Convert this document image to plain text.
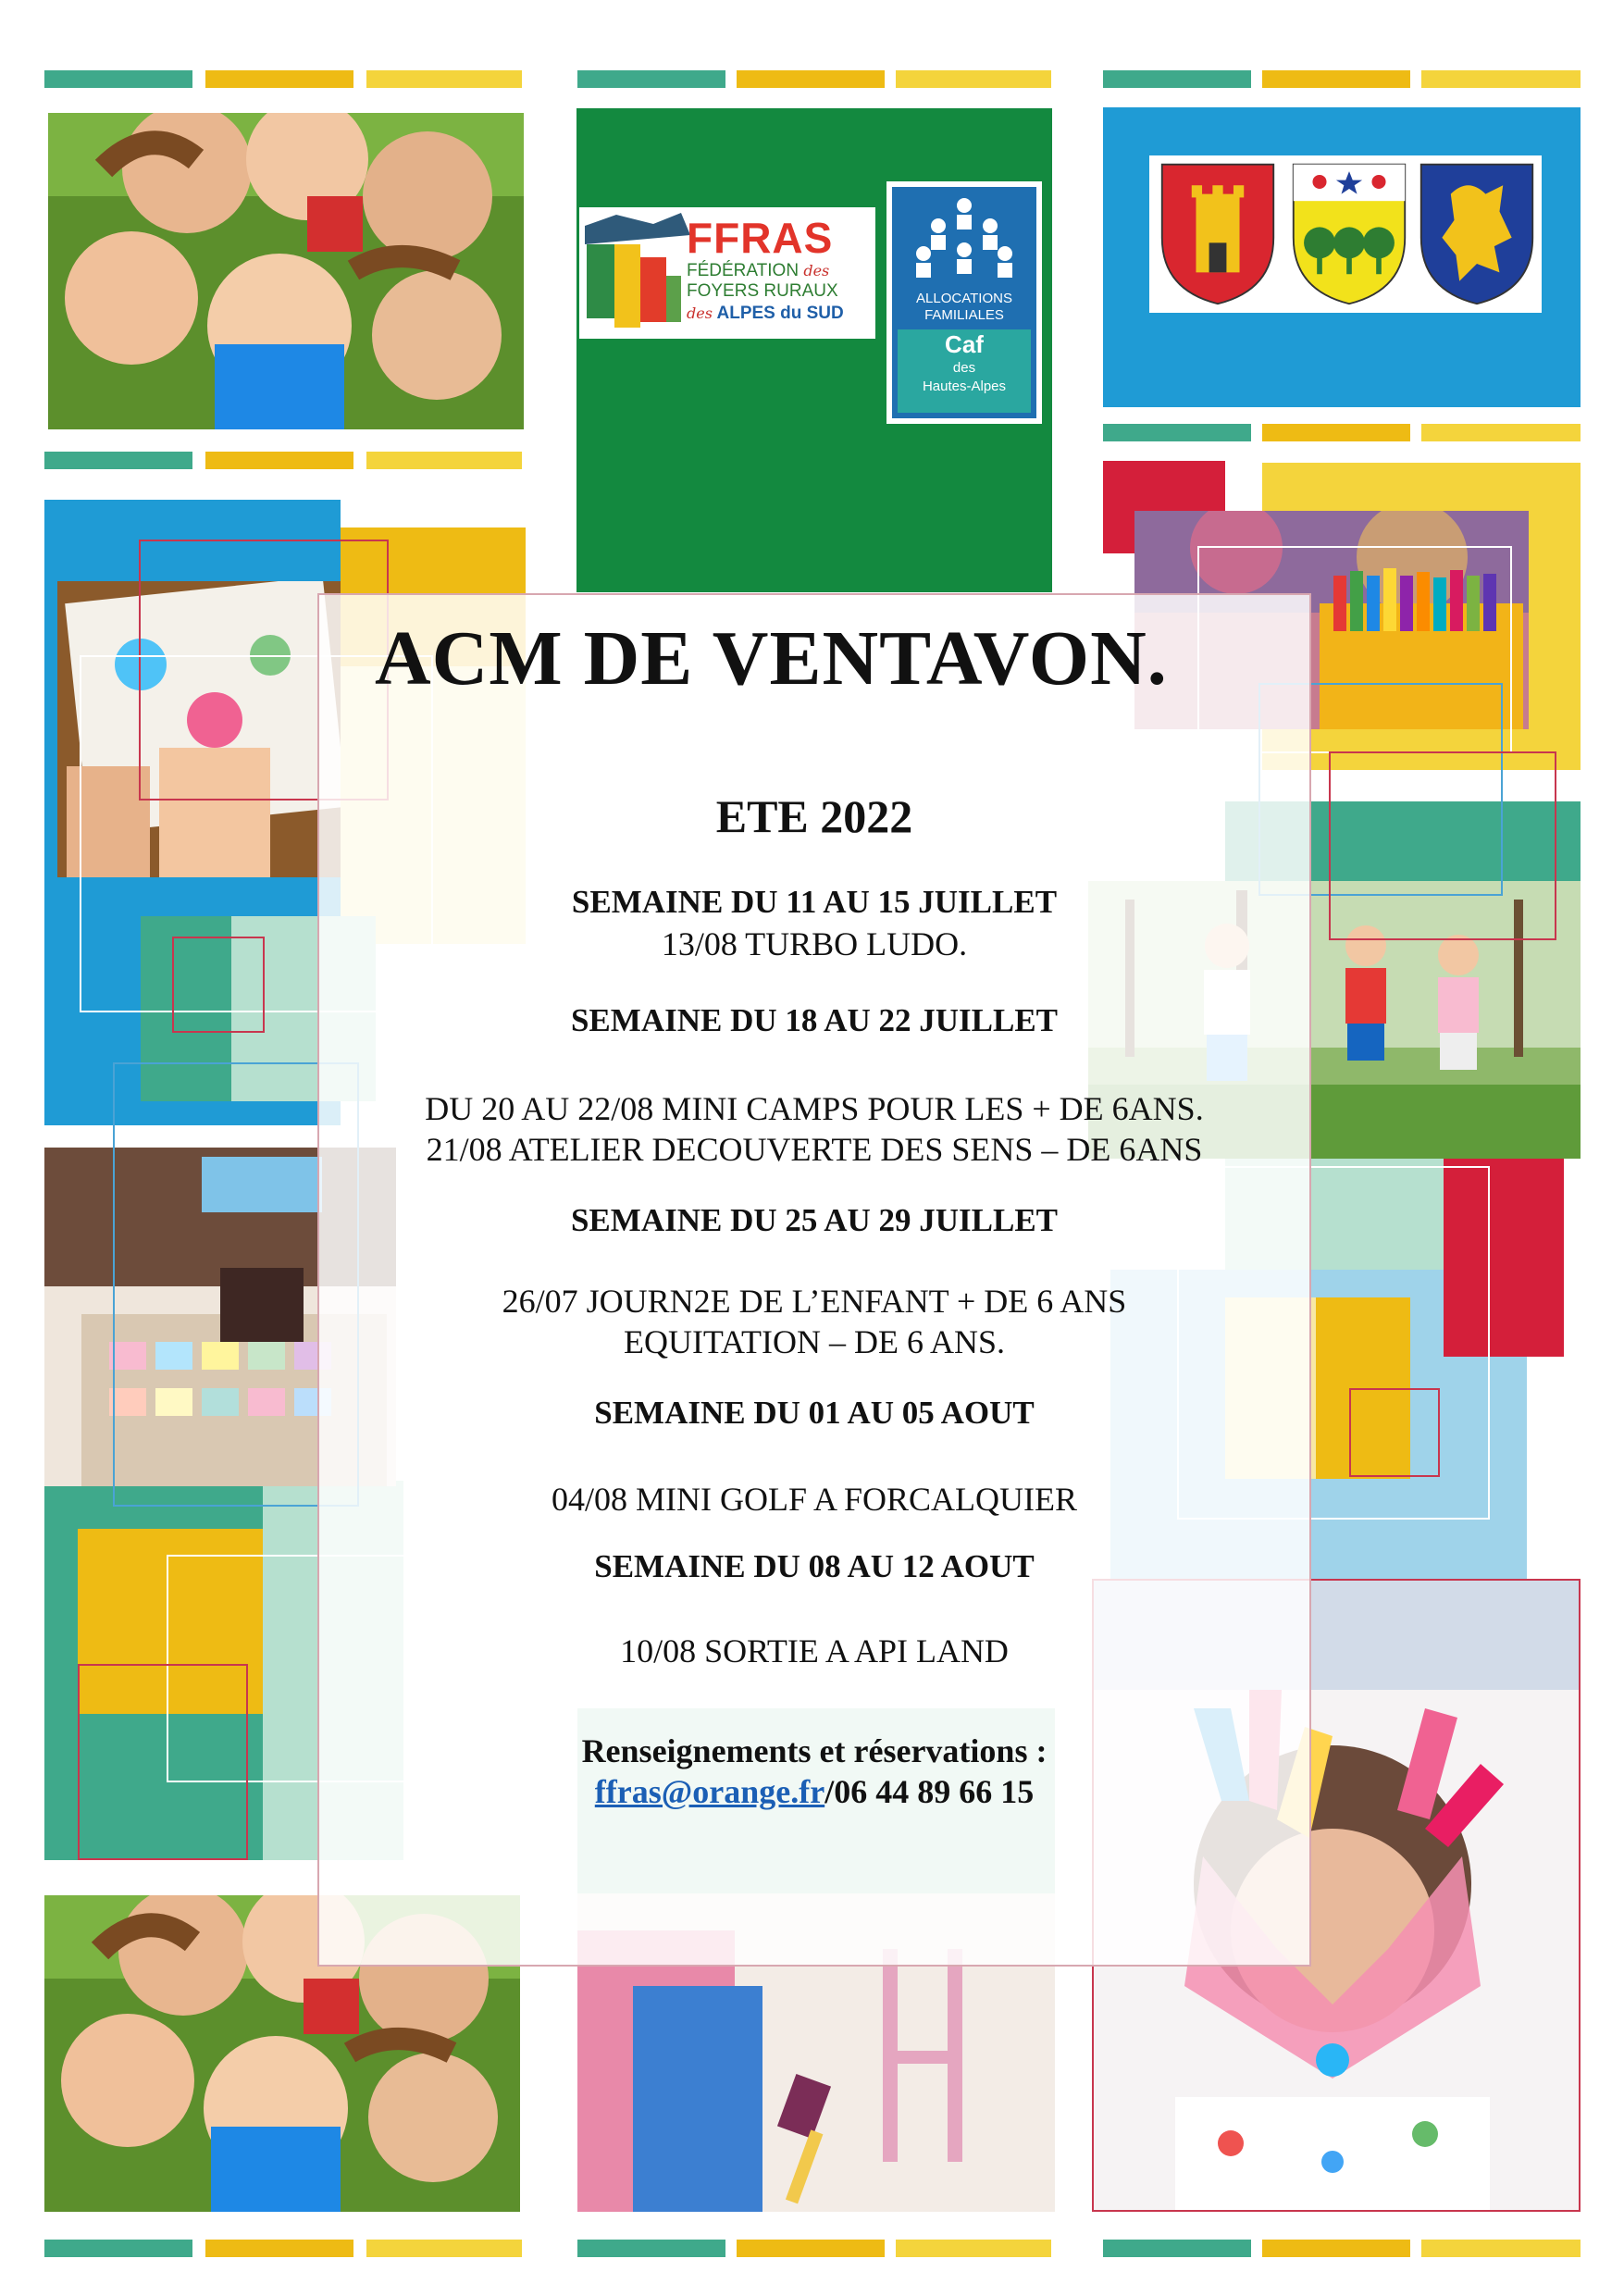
FFRAS
FÉDÉRATION des
FOYERS RURAUX
des ALPES du SUD
ALLOCATIONS
FAMILIALES
Caf
des
Hautes-Alpes
ACM DE VENTAVON.
ETE 2022
SEMAINE DU 11 AU 15 JUILLET
13/08 TURBO LUDO.
SEMAINE DU 18 AU 22 JUILLET
DU 20 AU 22/08 MINI CAMPS POUR LES + DE 6ANS.
21/08 ATELIER DECOUVERTE DES SENS – DE 6ANS
SEMAINE DU 25 AU 29 JUILLET
26/07 JOURN2E DE L’ENFANT + DE 6 ANS
EQUITATION – DE 6 ANS.
SEMAINE DU 01 AU 05 AOUT
04/08 MINI GOLF A FORCALQUIER
SEMAINE DU 08 AU 12 AOUT
10/08 SORTIE A API LAND
Renseignements et réservations :
ffras@orange.fr/06 44 89 66 15
